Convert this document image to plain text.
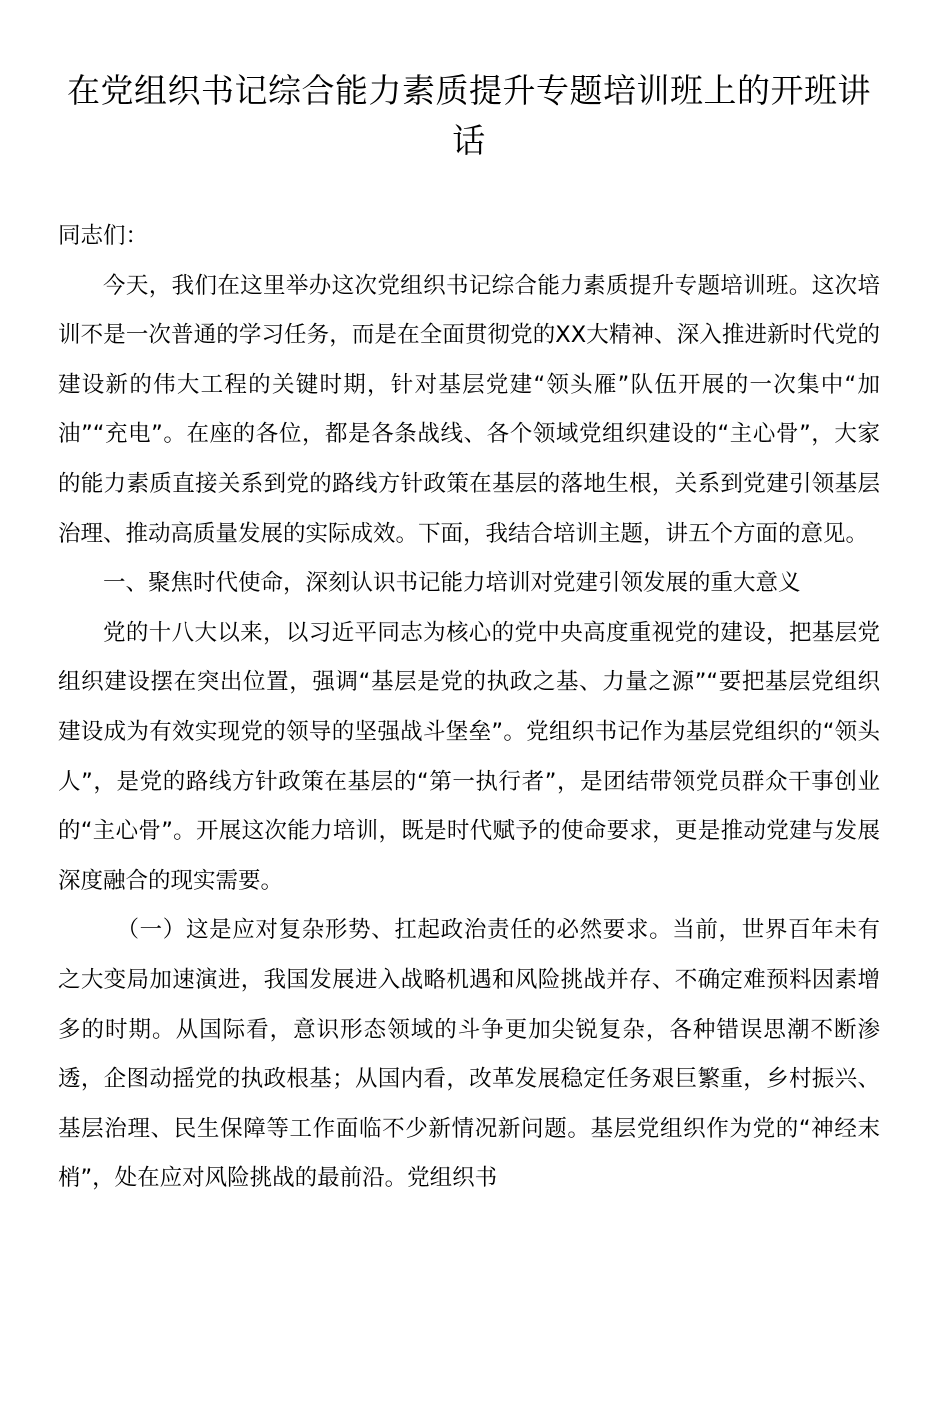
在党组织书记综合能力素质提升专题培训班上的开班讲话

同志们：

今天，我们在这里举办这次党组织书记综合能力素质提升专题培训班。这次培训不是一次普通的学习任务，而是在全面贯彻党的XX大精神、深入推进新时代党的建设新的伟大工程的关键时期，针对基层党建“领头雁”队伍开展的一次集中“加油”“充电”。在座的各位，都是各条战线、各个领域党组织建设的“主心骨”，大家的能力素质直接关系到党的路线方针政策在基层的落地生根，关系到党建引领基层治理、推动高质量发展的实际成效。下面，我结合培训主题，讲五个方面的意见。

一、聚焦时代使命，深刻认识书记能力培训对党建引领发展的重大意义

党的十八大以来，以习近平同志为核心的党中央高度重视党的建设，把基层党组织建设摆在突出位置，强调“基层是党的执政之基、力量之源”“要把基层党组织建设成为有效实现党的领导的坚强战斗堡垒”。党组织书记作为基层党组织的“领头人”，是党的路线方针政策在基层的“第一执行者”，是团结带领党员群众干事创业的“主心骨”。开展这次能力培训，既是时代赋予的使命要求，更是推动党建与发展深度融合的现实需要。

（一）这是应对复杂形势、扛起政治责任的必然要求。当前，世界百年未有之大变局加速演进，我国发展进入战略机遇和风险挑战并存、不确定难预料因素增多的时期。从国际看，意识形态领域的斗争更加尖锐复杂，各种错误思潮不断渗透，企图动摇党的执政根基；从国内看，改革发展稳定任务艰巨繁重，乡村振兴、基层治理、民生保障等工作面临不少新情况新问题。基层党组织作为党的“神经末梢”，处在应对风险挑战的最前沿。党组织书
